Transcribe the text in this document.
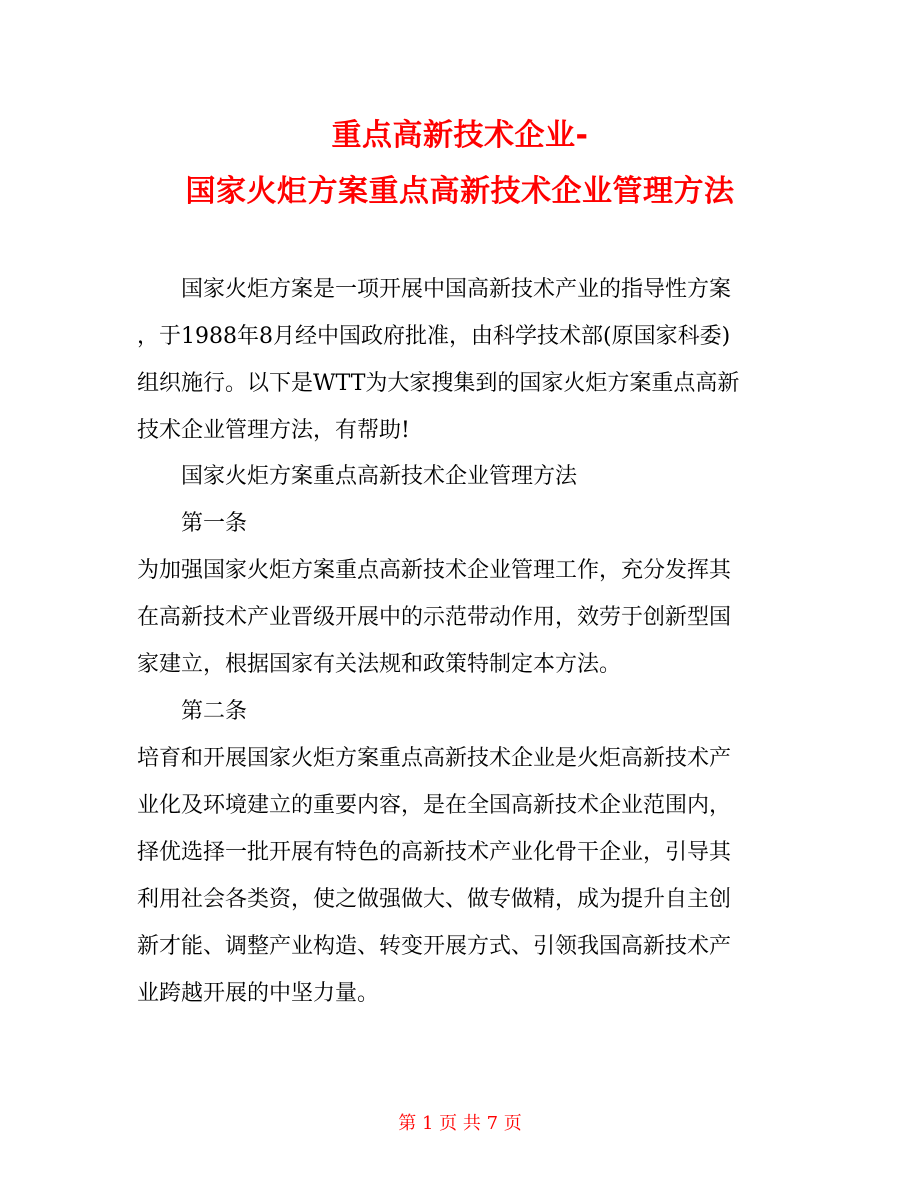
重点高新技术企业-
国家火炬方案重点高新技术企业管理方法
国家火炬方案是一项开展中国高新技术产业的指导性方案
，于1988年8月经中国政府批准，由科学技术部(原国家科委)
组织施行。以下是WTT为大家搜集到的国家火炬方案重点高新
技术企业管理方法，有帮助!
国家火炬方案重点高新技术企业管理方法
第一条
为加强国家火炬方案重点高新技术企业管理工作，充分发挥其
在高新技术产业晋级开展中的示范带动作用，效劳于创新型国
家建立，根据国家有关法规和政策特制定本方法。
第二条
培育和开展国家火炬方案重点高新技术企业是火炬高新技术产
业化及环境建立的重要内容，是在全国高新技术企业范围内，
择优选择一批开展有特色的高新技术产业化骨干企业，引导其
利用社会各类资，使之做强做大、做专做精，成为提升自主创
新才能、调整产业构造、转变开展方式、引领我国高新技术产
业跨越开展的中坚力量。
第 1 页 共 7 页
